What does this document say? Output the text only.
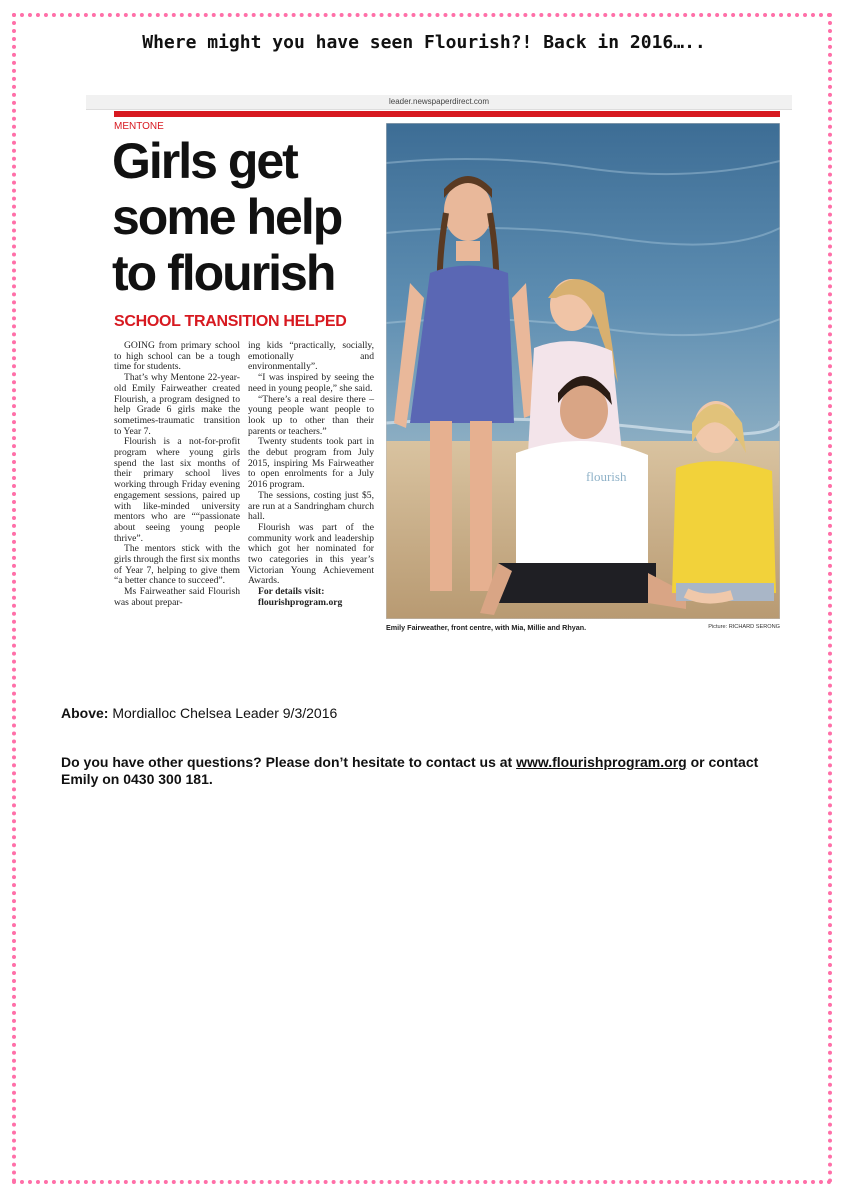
Where might you have seen Flourish?! Back in 2016…..
leader.newspaperdirect.com
MENTONE
Girls get some help to flourish
SCHOOL TRANSITION HELPED

GOING from primary school to high school can be a tough time for students.

That’s why Mentone 22-year-old Emily Fairweather created Flourish, a program designed to help Grade 6 girls make the sometimes-traumatic transition to Year 7.

Flourish is a not-for-profit program where young girls spend the last six months of their primary school lives working through Friday evening engagement sessions, paired up with like-minded university mentors who are ““passionate about seeing young people thrive”.

The mentors stick with the girls through the first six months of Year 7, helping to give them “a better chance to succeed”.

Ms Fairweather said Flourish was about prepar-

ing kids “practically, socially, emotionally and environmentally”.

“I was inspired by seeing the need in young people,” she said.

“There’s a real desire there – young people want people to look up to other than their parents or teachers.”

Twenty students took part in the debut program from July 2015, inspiring Ms Fairweather to open enrolments for a July 2016 program.

The sessions, costing just $5, are run at a Sandringham church hall.

Flourish was part of the community work and leadership which got her nominated for two categories in this year’s Victorian Young Achievement Awards.

For details visit:

flourishprogram.org

flourish
Emily Fairweather, front centre, with Mia, Millie and Rhyan.	Picture: RICHARD SERONG
Above: Mordialloc Chelsea Leader 9/3/2016
Do you have other questions? Please don’t hesitate to contact us at www.flourishprogram.org or contact Emily on 0430 300 181.
